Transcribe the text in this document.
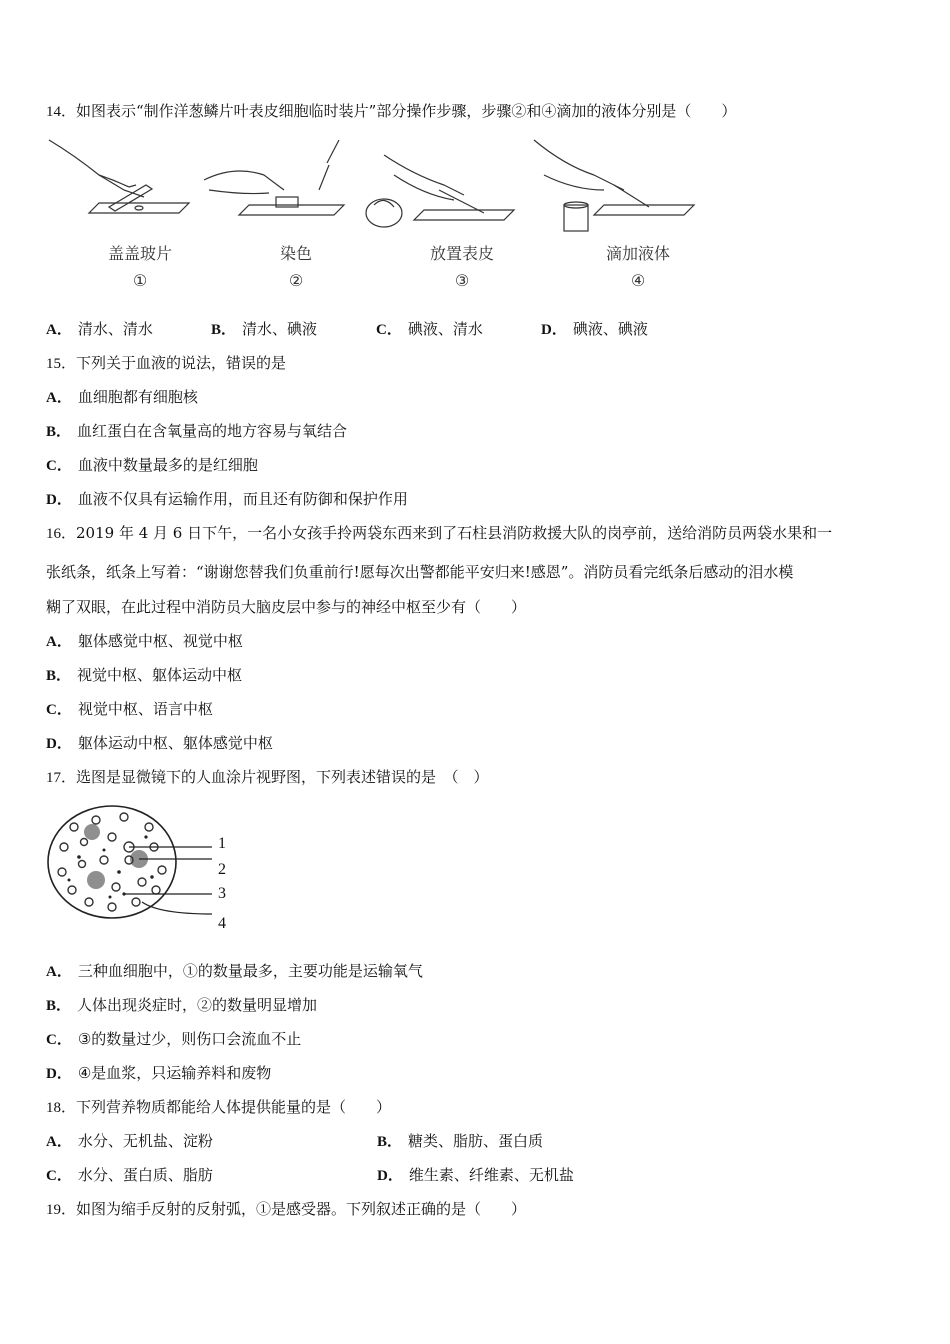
14．如图表示“制作洋葱鳞片叶表皮细胞临时装片”部分操作步骤，步骤②和④滴加的液体分别是（　　）
盖盖玻片	染色	放置表皮	滴加液体
①	②	③	④
A． 清水、清水	B． 清水、碘液	C． 碘液、清水	D． 碘液、碘液
15．下列关于血液的说法，错误的是
A． 血细胞都有细胞核
B． 血红蛋白在含氧量高的地方容易与氧结合
C． 血液中数量最多的是红细胞
D． 血液不仅具有运输作用，而且还有防御和保护作用
16．2019 年 4 月 6 日下午，一名小女孩手拎两袋东西来到了石柱县消防救援大队的岗亭前，送给消防员两袋水果和一
张纸条，纸条上写着：“谢谢您替我们负重前行!愿每次出警都能平安归来!感恩”。消防员看完纸条后感动的泪水模
糊了双眼，在此过程中消防员大脑皮层中参与的神经中枢至少有（　　）
A． 躯体感觉中枢、视觉中枢
B． 视觉中枢、躯体运动中枢
C． 视觉中枢、语言中枢
D． 躯体运动中枢、躯体感觉中枢
17．选图是显微镜下的人血涂片视野图，下列表述错误的是　（　）
1
2
3
4
A． 三种血细胞中，①的数量最多，主要功能是运输氧气
B． 人体出现炎症时，②的数量明显增加
C． ③的数量过少，则伤口会流血不止
D． ④是血浆，只运输养料和废物
18．下列营养物质都能给人体提供能量的是（　　）
A． 水分、无机盐、淀粉	B． 糖类、脂肪、蛋白质
C． 水分、蛋白质、脂肪	D． 维生素、纤维素、无机盐
19．如图为缩手反射的反射弧，①是感受器。下列叙述正确的是（　　）
